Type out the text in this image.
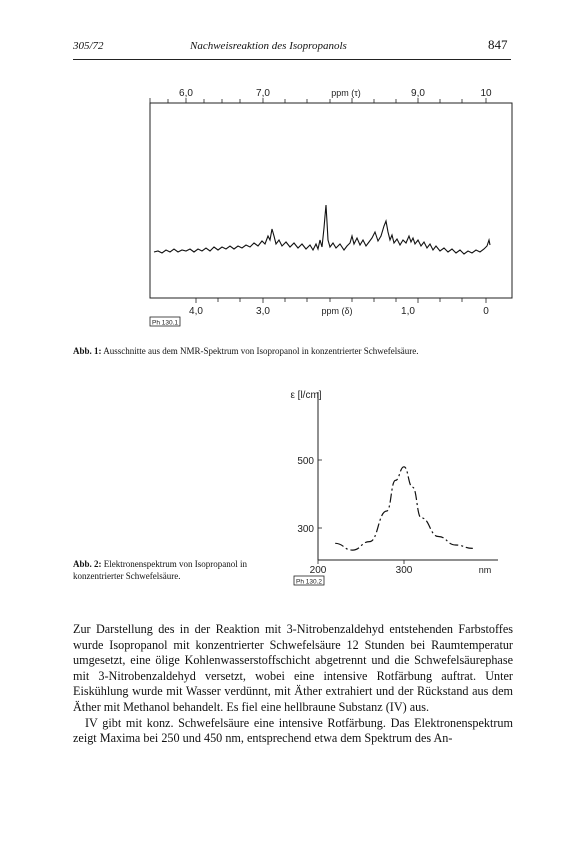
305/72	Nachweisreaktion des Isopropanols	847
6,0	7,0	ppm (τ)	9,0	10
4,0	3,0	ppm (δ)	1,0	0
Ph 130.1
Abb. 1: Ausschnitte aus dem NMR-Spektrum von Isopropanol in konzentrierter Schwefelsäure.
ε [l/cm]
500
300
200	300	nm
Ph 130.2
Abb. 2: Elektronenspektrum von Isopropanol in konzentrierter Schwefelsäure.

Zur Darstellung des in der Reaktion mit 3-Nitrobenzaldehyd entstehenden Farbstoffes wurde Isopropanol mit konzentrierter Schwefelsäure 12 Stunden bei Raumtemperatur umgesetzt, eine ölige Kohlenwasserstoffschicht abgetrennt und die Schwefelsäurephase mit 3-Nitrobenzaldehyd versetzt, wobei eine intensive Rotfärbung auftrat. Unter Eiskühlung wurde mit Wasser verdünnt, mit Äther extrahiert und der Rückstand aus dem Äther mit Methanol behandelt. Es fiel eine hellbraune Substanz (IV) aus.

IV gibt mit konz. Schwefelsäure eine intensive Rotfärbung. Das Elektronenspektrum zeigt Maxima bei 250 und 450 nm, entsprechend etwa dem Spektrum des An-
